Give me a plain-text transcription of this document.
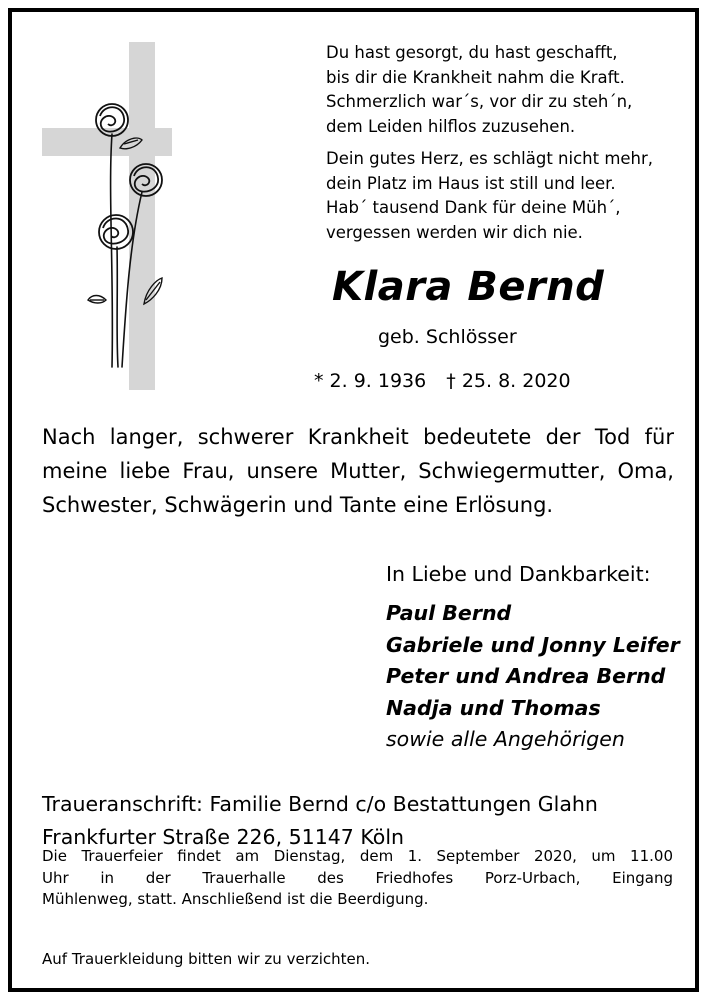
Du hast gesorgt, du hast geschafft,
bis dir die Krankheit nahm die Kraft.
Schmerzlich war´s, vor dir zu steh´n,
dem Leiden hilflos zuzusehen.
Dein gutes Herz, es schlägt nicht mehr,
dein Platz im Haus ist still und leer.
Hab´ tausend Dank für deine Müh´,
vergessen werden wir dich nie.
Klara Bernd
geb. Schlösser
* 2. 9. 1936 † 25. 8. 2020
Nach langer, schwerer Krankheit bedeutete der Tod für
meine liebe Frau, unsere Mutter, Schwiegermutter, Oma,
Schwester, Schwägerin und Tante eine Erlösung.
In Liebe und Dankbarkeit:
Paul Bernd
Gabriele und Jonny Leifer
Peter und Andrea Bernd
Nadja und Thomas
sowie alle Angehörigen
Traueranschrift: Familie Bernd c/o Bestattungen Glahn
Frankfurter Straße 226, 51147 Köln
Die Trauerfeier findet am Dienstag, dem 1. September 2020, um 11.00
Uhr in der Trauerhalle des Friedhofes Porz-Urbach, Eingang
Mühlenweg, statt. Anschließend ist die Beerdigung.
Auf Trauerkleidung bitten wir zu verzichten.
